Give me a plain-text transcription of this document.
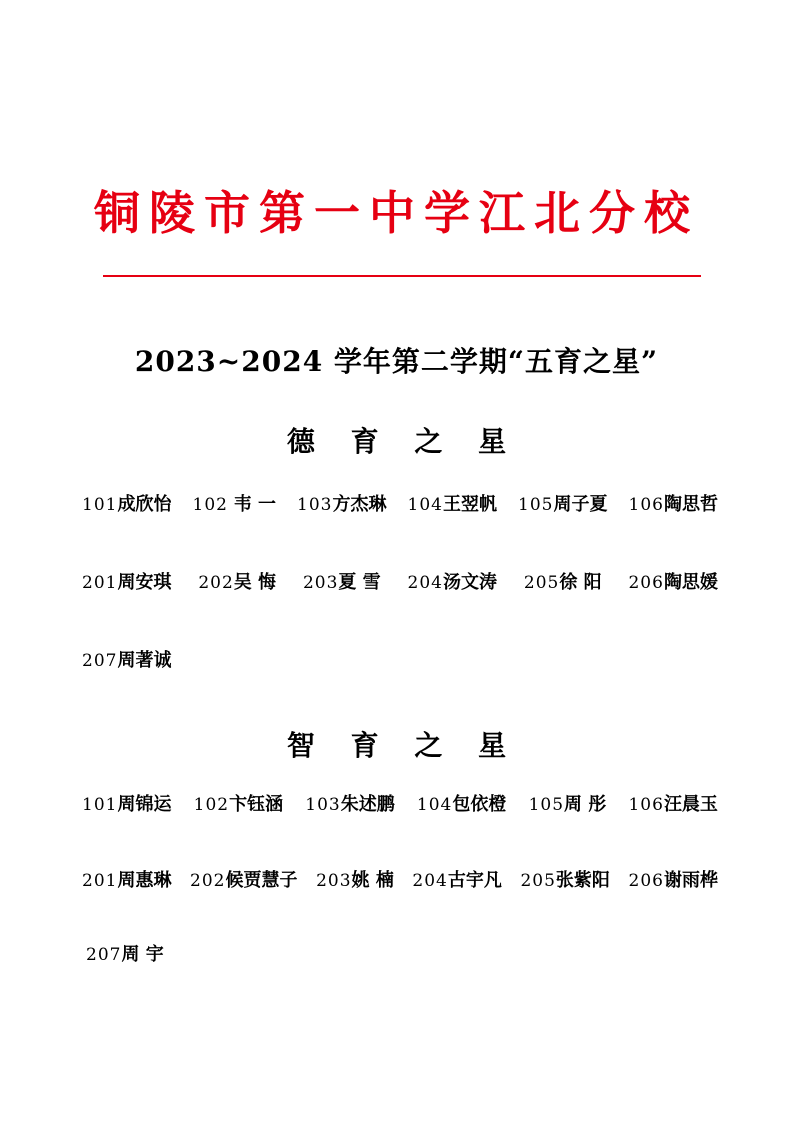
铜陵市第一中学江北分校
2023~2024 学年第二学期“五育之星”
德 育 之 星
101成欣怡 102 韦 一 103方杰琳 104王翌帆 105周子夏 106陶思哲
201周安琪 202吴 悔 203夏 雪 204汤文涛 205徐 阳 206陶思媛
207周著诚
智 育 之 星
101周锦运 102卞钰涵 103朱述鹏 104包依橙 105周 彤 106汪晨玉
201周惠琳 202候贾慧子 203姚 楠 204古宇凡 205张紫阳 206谢雨桦
207周 宇
